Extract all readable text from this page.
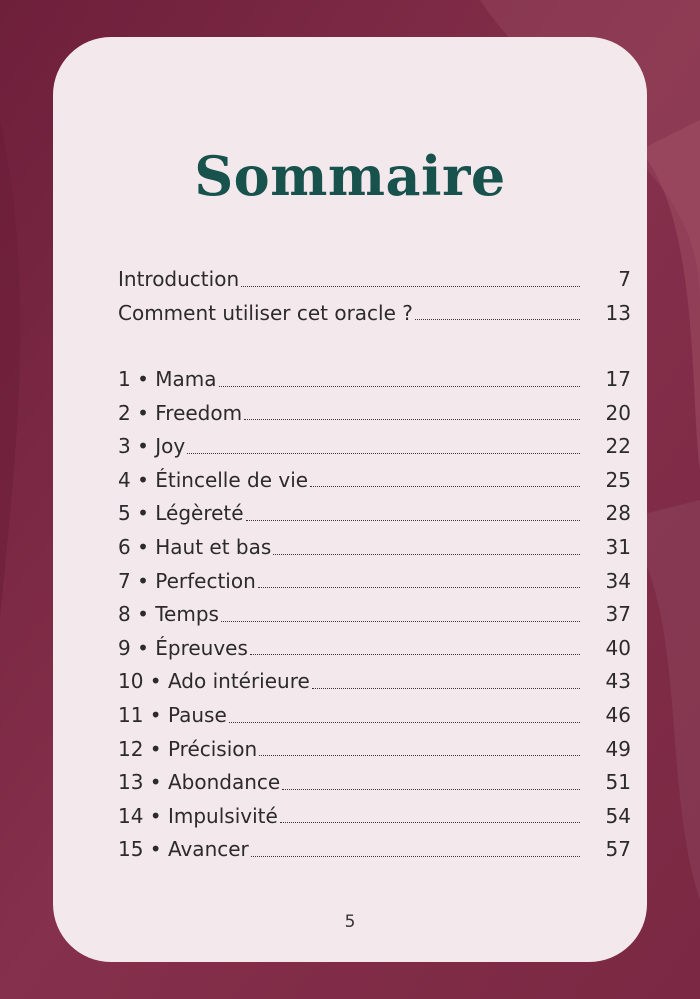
Sommaire
Introduction	7
Comment utiliser cet oracle ?	13
1 • Mama	17
2 • Freedom	20
3 • Joy	22
4 • Étincelle de vie	25
5 • Légèreté	28
6 • Haut et bas	31
7 • Perfection	34
8 • Temps	37
9 • Épreuves	40
10 • Ado intérieure	43
11 • Pause	46
12 • Précision	49
13 • Abondance	51
14 • Impulsivité	54
15 • Avancer	57
5
